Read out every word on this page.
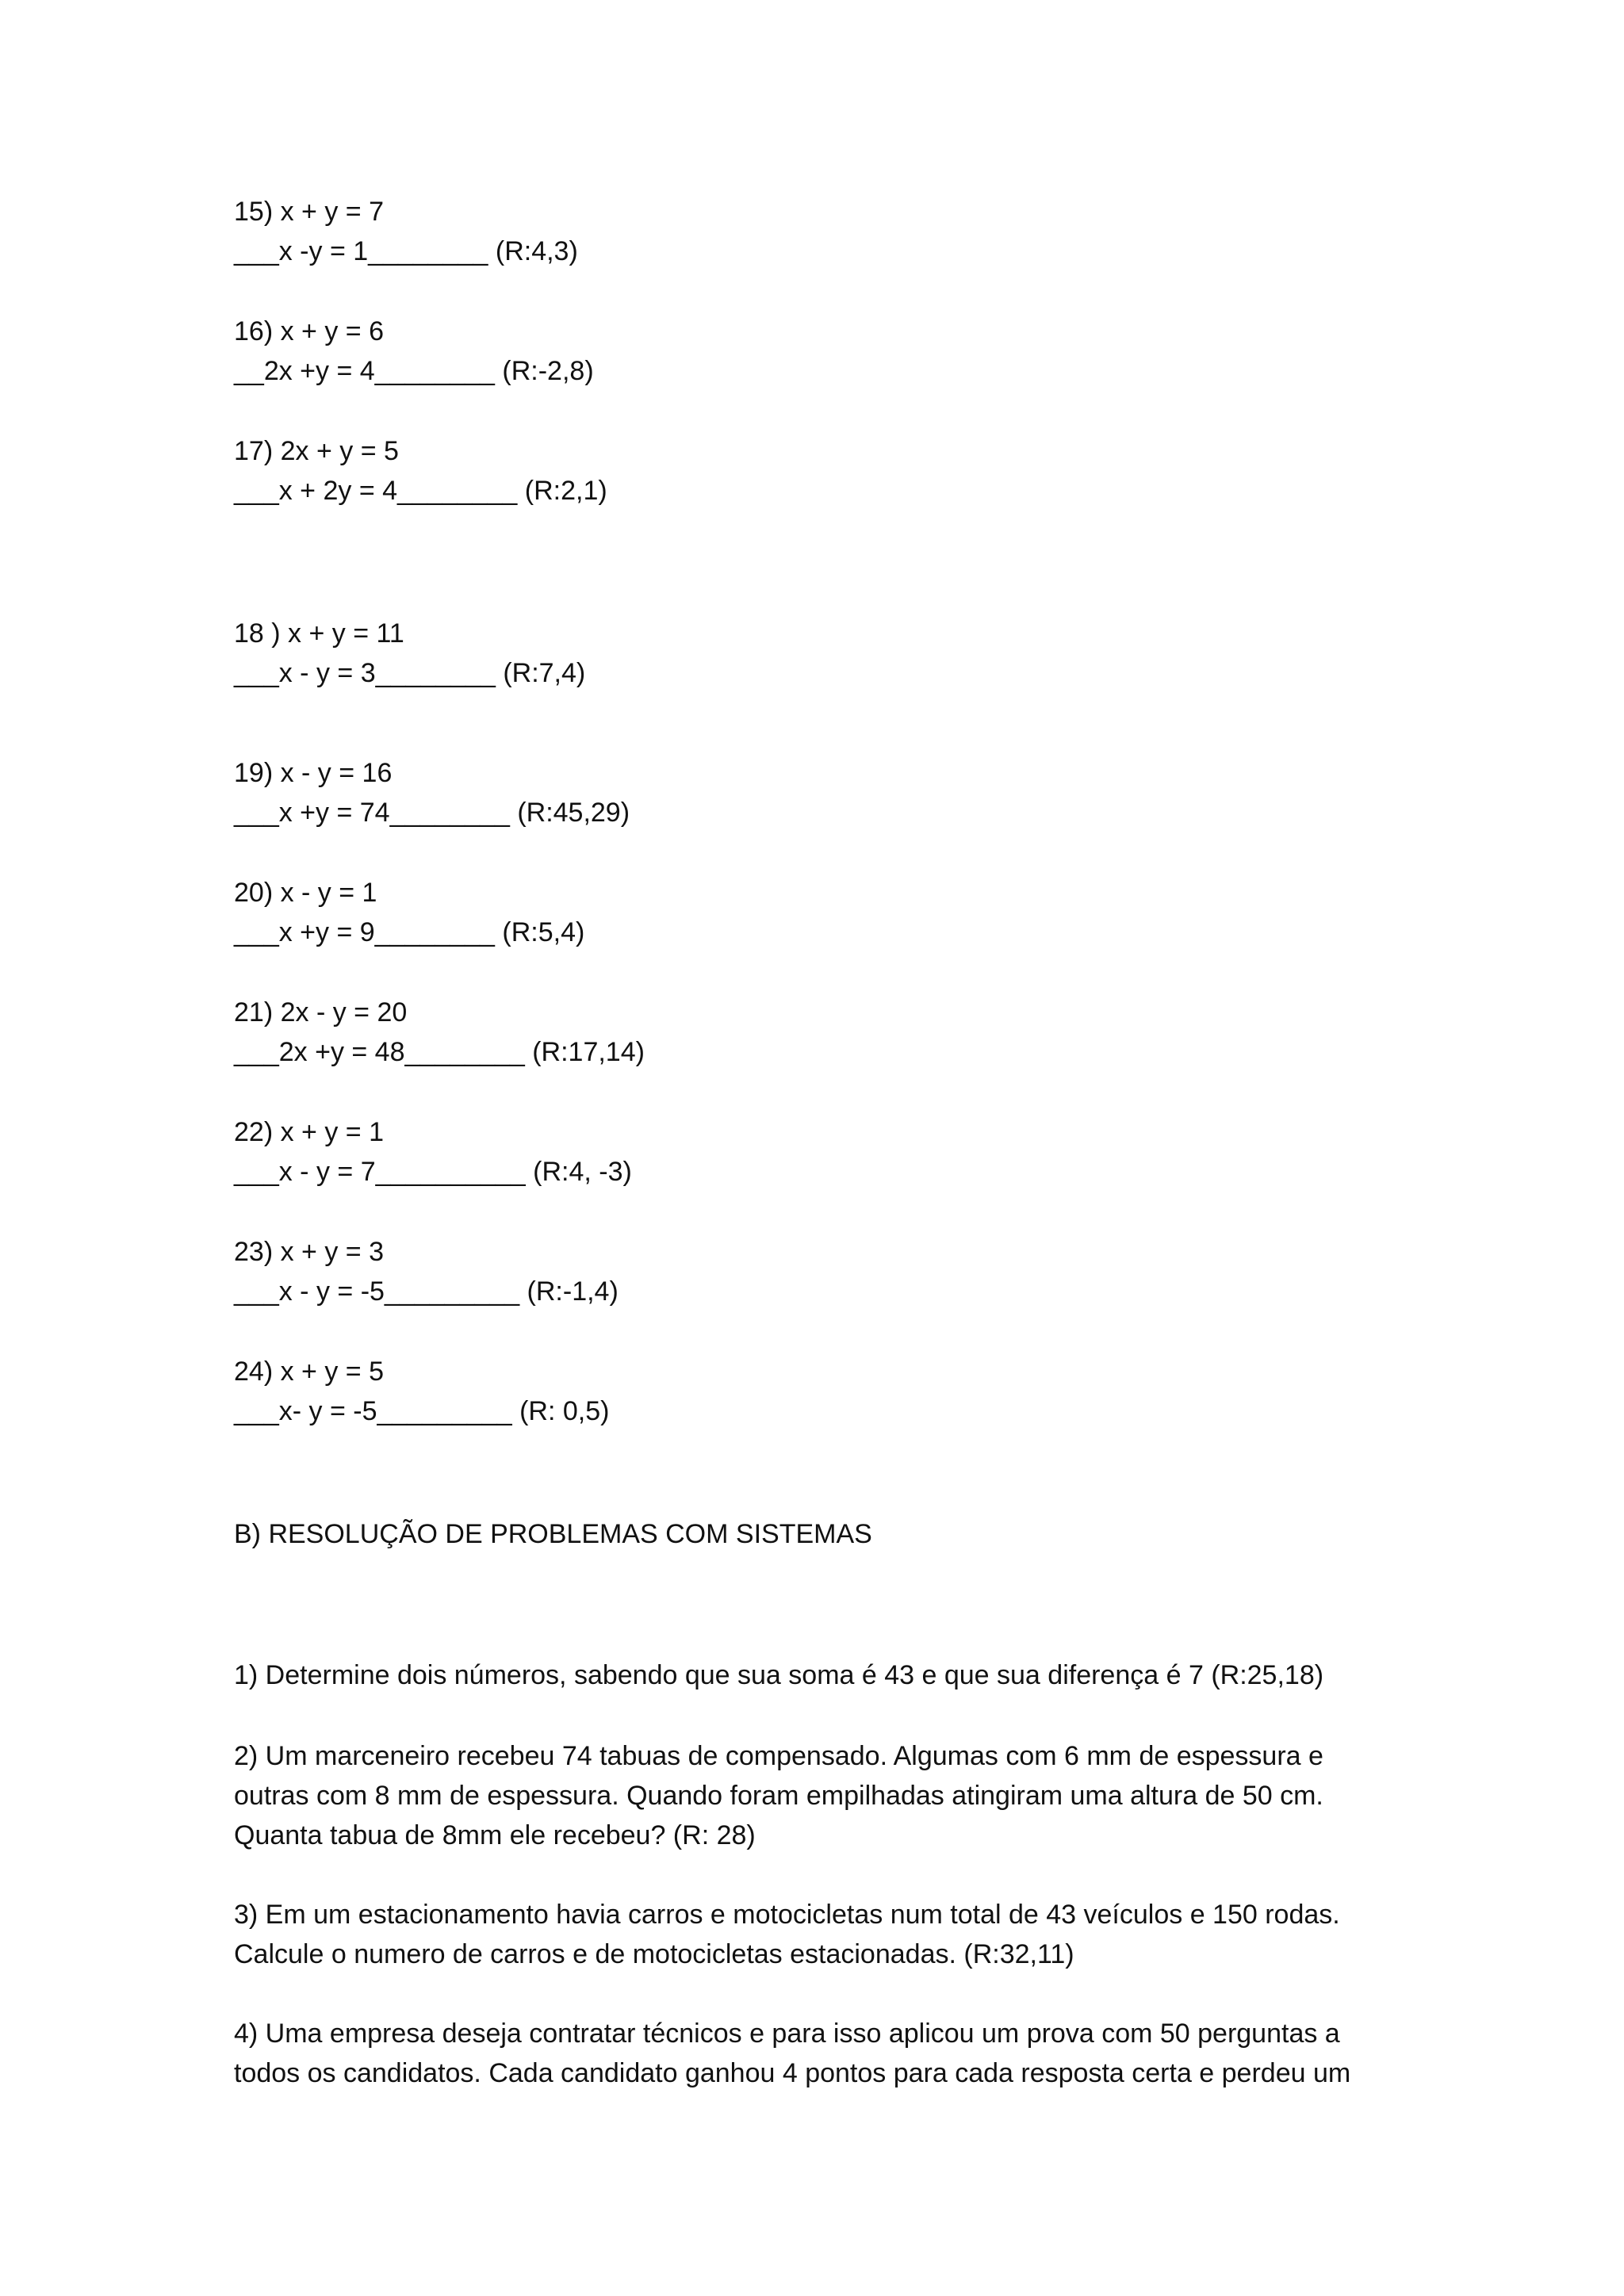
15) x + y = 7

___x -y = 1________ (R:4,3)

16) x + y = 6

__2x +y = 4________ (R:-2,8)

17) 2x + y = 5

___x + 2y = 4________ (R:2,1)

18 ) x + y = 11

___x - y = 3________ (R:7,4)

19) x - y = 16

___x +y = 74________ (R:45,29)

20) x - y = 1

___x +y = 9________ (R:5,4)

21) 2x - y = 20

___2x +y = 48________ (R:17,14)

22) x + y = 1

___x - y = 7__________ (R:4, -3)

23) x + y = 3

___x - y = -5_________ (R:-1,4)

24) x + y = 5

___x- y = -5_________ (R: 0,5)

B) RESOLUÇÃO DE PROBLEMAS COM SISTEMAS

1) Determine dois números, sabendo que sua soma é 43 e que sua diferença é 7 (R:25,18)

2) Um marceneiro recebeu 74 tabuas de compensado. Algumas com 6 mm de espessura e outras com 8 mm de espessura. Quando foram empilhadas atingiram uma altura de 50 cm. Quanta tabua de 8mm ele recebeu? (R: 28)

3) Em um estacionamento havia carros e motocicletas num total de 43 veículos e 150 rodas. Calcule o numero de carros e de motocicletas estacionadas. (R:32,11)

4) Uma empresa deseja contratar técnicos e para isso aplicou um prova com 50 perguntas a todos os candidatos. Cada candidato ganhou 4 pontos para cada resposta certa e perdeu um
